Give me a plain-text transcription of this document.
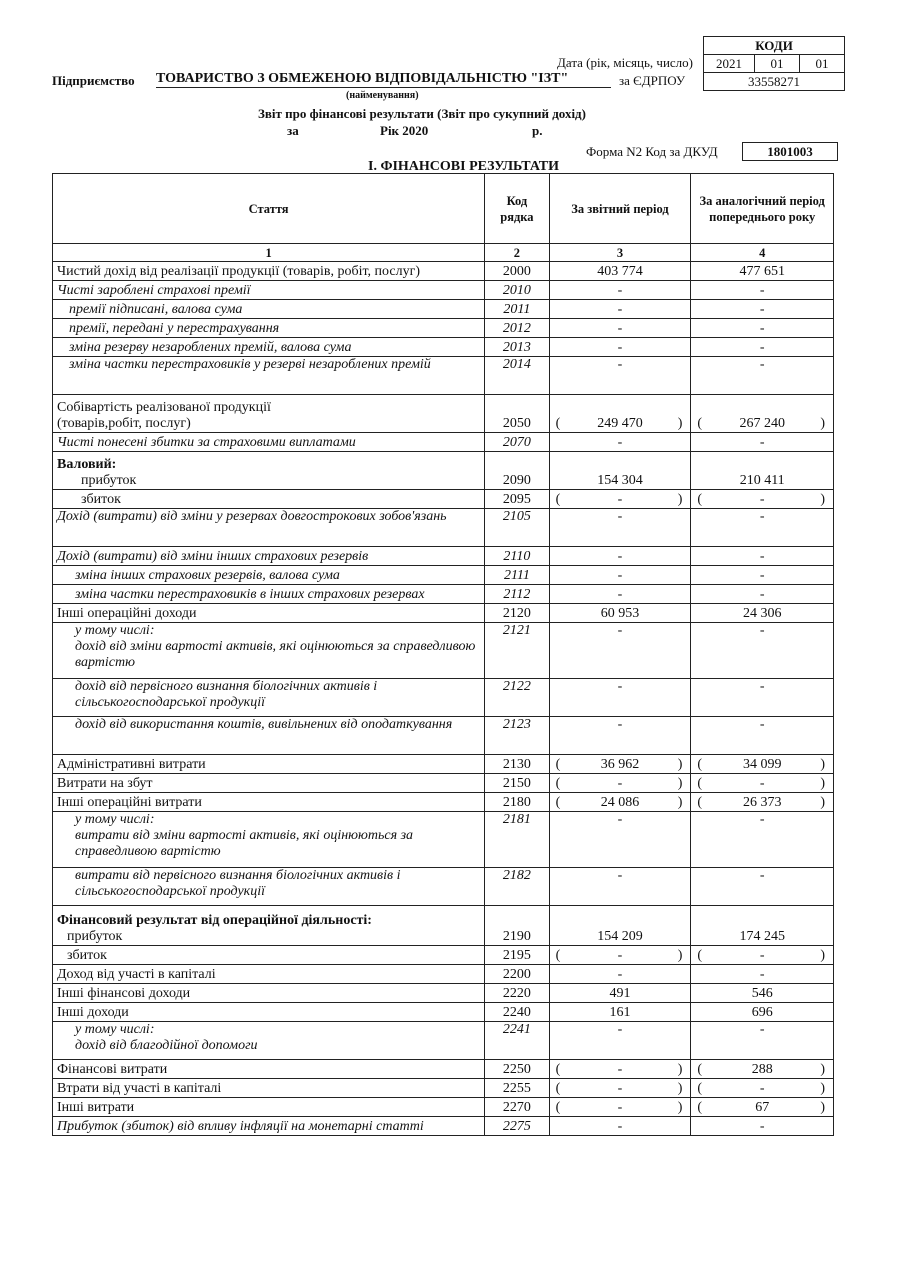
КОДИ
2021	01	01
33558271
Дата (рік, місяць, число)
Підприємство ТОВАРИСТВО З ОБМЕЖЕНОЮ ВІДПОВІДАЛЬНІСТЮ "ІЗТ"	за ЄДРПОУ
(найменування)
Звіт про фінансові результати (Звіт про сукупний дохід)
за	Рік 2020	р.
Форма N2 Код за ДКУД	1801003
І. ФІНАНСОВІ РЕЗУЛЬТАТИ
Стаття	Код рядка	За звітний період	За аналогічний період попереднього року
1	2	3	4
Чистий дохід від реалізації продукції (товарів, робіт, послуг)	2000	403 774	477 651
Чисті зароблені страхові премії	2010	-	-
премії підписані, валова сума	2011	-	-
премії, передані у перестрахування	2012	-	-
зміна резерву незароблених премій, валова сума	2013	-	-
зміна частки перестраховиків у резерві незароблених премій	2014	-	-

Собівартість реалізованої продукції
(товарів,робіт, послуг)	2050	( 249 470 )	( 267 240 )

Чисті понесені збитки за страховими виплатами	2070	-	-

Валовий:
прибуток	2090	154 304	210 411
збиток	2095	( - )	( - )

Дохід (витрати) від зміни у резервах довгострокових зобов'язань	2105	-	-
Дохід (витрати) від зміни інших страхових резервів	2110	-	-
зміна інших страхових резервів, валова сума	2111	-	-
зміна частки перестраховиків в інших страхових резервах	2112	-	-
Інші операційні доходи	2120	60 953	24 306

у тому числі:
дохід від зміни вартості активів, які оцінюються за справедливою вартістю	2121	-	-
дохід від первісного визнання біологічних активів і сільськогосподарської продукції	2122	-	-
дохід від використання коштів, вивільнених від оподаткування	2123	-	-
Адміністративні витрати	2130	( 36 962 )	( 34 099 )

Витрати на збут	2150	( - )	( - )

Інші операційні витрати	2180	( 24 086 )	( 26 373 )

у тому числі:
витрати від зміни вартості активів, які оцінюються за справедливою вартістю	2181	-	-
витрати від первісного визнання біологічних активів і сільськогосподарської продукції	2182	-	-

Фінансовий результат від операційної діяльності:
прибуток	2190	154 209	174 245
збиток	2195	( - )	( - )

Доход від участі в капіталі	2200	-	-
Інші фінансові доходи	2220	491	546
Інші доходи	2240	161	696

у тому числі:
дохід від благодійної допомоги	2241	-	-
Фінансові витрати	2250	( - )	( 288 )

Втрати від участі в капіталі	2255	( - )	( - )

Інші витрати	2270	( - )	( 67 )

Прибуток (збиток) від впливу інфляції на монетарні статті	2275	-	-
